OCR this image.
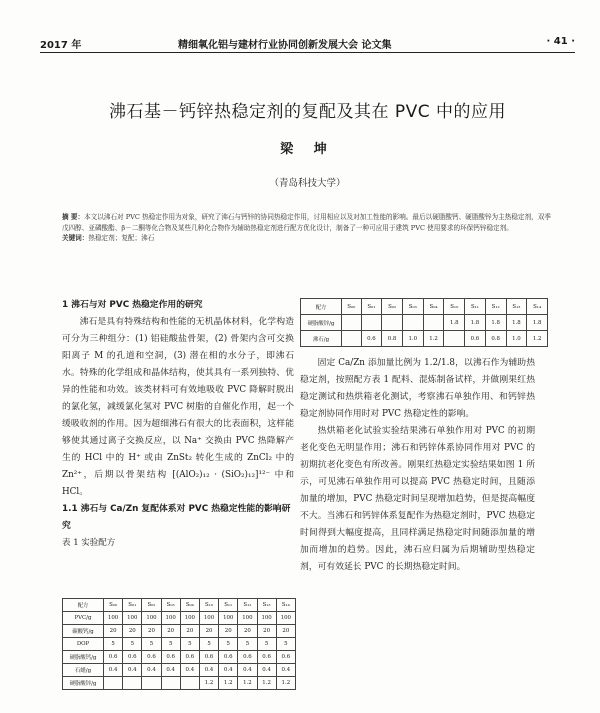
2017 年	精细氧化铝与建材行业协同创新发展大会 论文集	· 41 ·
沸石基－钙锌热稳定剂的复配及其在 PVC 中的应用
梁 坤
（青岛科技大学）
摘 要：本文以沸石对 PVC 热稳定作用为对象，研究了沸石与钙锌的协同热稳定作用，讨用相应以及对加工性能的影响。最后以硬脂酸钙、硬脂酸锌为主热稳定剂，双季戊四醇、亚磷酸酯、β－二酮等化合物及某些几种化合物作为辅助热稳定剂进行配方优化设计，制备了一种可应用于建筑 PVC 使用要求的环保钙锌稳定剂。
关键词：热稳定剂；复配；沸石
1 沸石与对 PVC 热稳定作用的研究

沸石是具有特殊结构和性能的无机晶体材料，化学构造可分为三种组分：(1) 铝硅酸盐骨架，(2) 骨架内含可交换阳离子 M 的孔道和空洞，(3) 潜在相的水分子，即沸石水。特殊的化学组成和晶体结构，使其具有一系列独特、优异的性能和功效。该类材料可有效地吸收 PVC 降解时脱出的氯化氢，减缓氯化氢对 PVC 树脂的自催化作用，起一个缓吸收剂的作用。因为超细沸石有很大的比表面积，这样能够使其通过离子交换反应，以 Na⁺ 交换由 PVC 热降解产生的 HCl 中的 H⁺ 或由 ZnSt₂ 转化生成的 ZnCl₂ 中的 Zn²⁺，后期以骨架结构 [(AlO₂)₁₂ · (SiO₂)₁₂]¹²⁻ 中和 HCl。

1.1 沸石与 Ca/Zn 复配体系对 PVC 热稳定性能的影响研究

表 1 实验配方

配方	S₀₀	S₀₁	S₀₂	S₀₃	S₀₄	S₁₀	S₁₁	S₁₂	S₁₃	S₁₄
PVC/g	100	100	100	100	100	100	100	100	100	100
碳酸钙/g	20	20	20	20	20	20	20	20	20	20
DOP	5	5	5	5	5	5	5	5	5	5
硬脂酸钙/g	0.6	0.6	0.6	0.6	0.6	0.6	0.6	0.6	0.6	0.6
石蜡/g	0.4	0.4	0.4	0.4	0.4	0.4	0.4	0.4	0.4	0.4
硬脂酸锌/g						1.2	1.2	1.2	1.2	1.2
配方	S₀₀	S₀₁	S₀₂	S₀₃	S₀₄	S₁₀	S₁₁	S₁₂	S₁₃	S₁₄
硬脂酸锌/g						1.8	1.8	1.8	1.8	1.8
沸石/g		0.6	0.8	1.0	1.2		0.6	0.8	1.0	1.2

固定 Ca/Zn 添加量比例为 1.2/1.8，以沸石作为辅助热稳定剂，按照配方表 1 配料、混炼制备试样，并做刚果红热稳定测试和热烘箱老化测试，考察沸石单独作用、和钙锌热稳定剂协同作用时对 PVC 热稳定性的影响。

热烘箱老化试验实验结果沸石单独作用对 PVC 的初期老化变色无明显作用；沸石和钙锌体系协同作用对 PVC 的初期抗老化变色有所改善。刚果红热稳定实验结果如图 1 所示，可见沸石单独作用可以提高 PVC 热稳定时间，且随添加量的增加，PVC 热稳定时间呈现增加趋势，但是提高幅度不大。当沸石和钙锌体系复配作为热稳定剂时，PVC 热稳定时间得到大幅度提高，且同样满足热稳定时间随添加量的增加而增加的趋势。因此，沸石应归属为后期辅助型热稳定剂，可有效延长 PVC 的长期热稳定时间。
